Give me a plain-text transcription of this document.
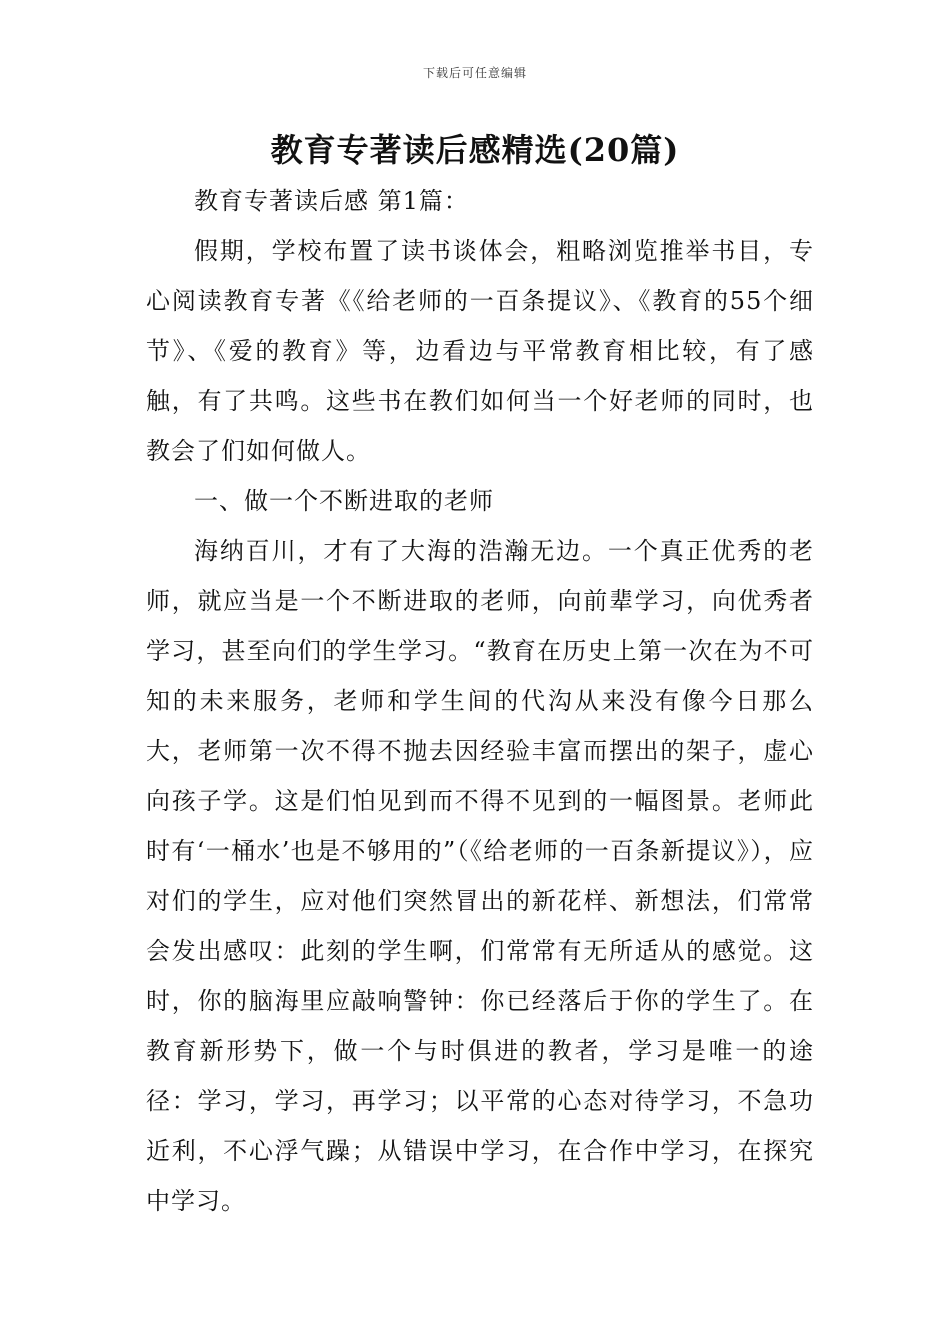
下载后可任意编辑
教育专著读后感精选(20篇)

教育专著读后感 第1篇：

假期，学校布置了读书谈体会，粗略浏览推举书目，专心阅读教育专著《《给老师的一百条提议》、《教育的55个细节》、《爱的教育》等，边看边与平常教育相比较，有了感触，有了共鸣。这些书在教们如何当一个好老师的同时，也教会了们如何做人。

一、做一个不断进取的老师

海纳百川，才有了大海的浩瀚无边。一个真正优秀的老师，就应当是一个不断进取的老师，向前辈学习，向优秀者学习，甚至向们的学生学习。“教育在历史上第一次在为不可知的未来服务，老师和学生间的代沟从来没有像今日那么大，老师第一次不得不抛去因经验丰富而摆出的架子，虚心向孩子学。这是们怕见到而不得不见到的一幅图景。老师此时有‘一桶水’也是不够用的”（《给老师的一百条新提议》），应对们的学生，应对他们突然冒出的新花样、新想法，们常常会发出感叹：此刻的学生啊，们常常有无所适从的感觉。这时，你的脑海里应敲响警钟：你已经落后于你的学生了。在教育新形势下，做一个与时俱进的教者，学习是唯一的途径：学习，学习，再学习；以平常的心态对待学习，不急功近利，不心浮气躁；从错误中学习，在合作中学习，在探究中学习。
